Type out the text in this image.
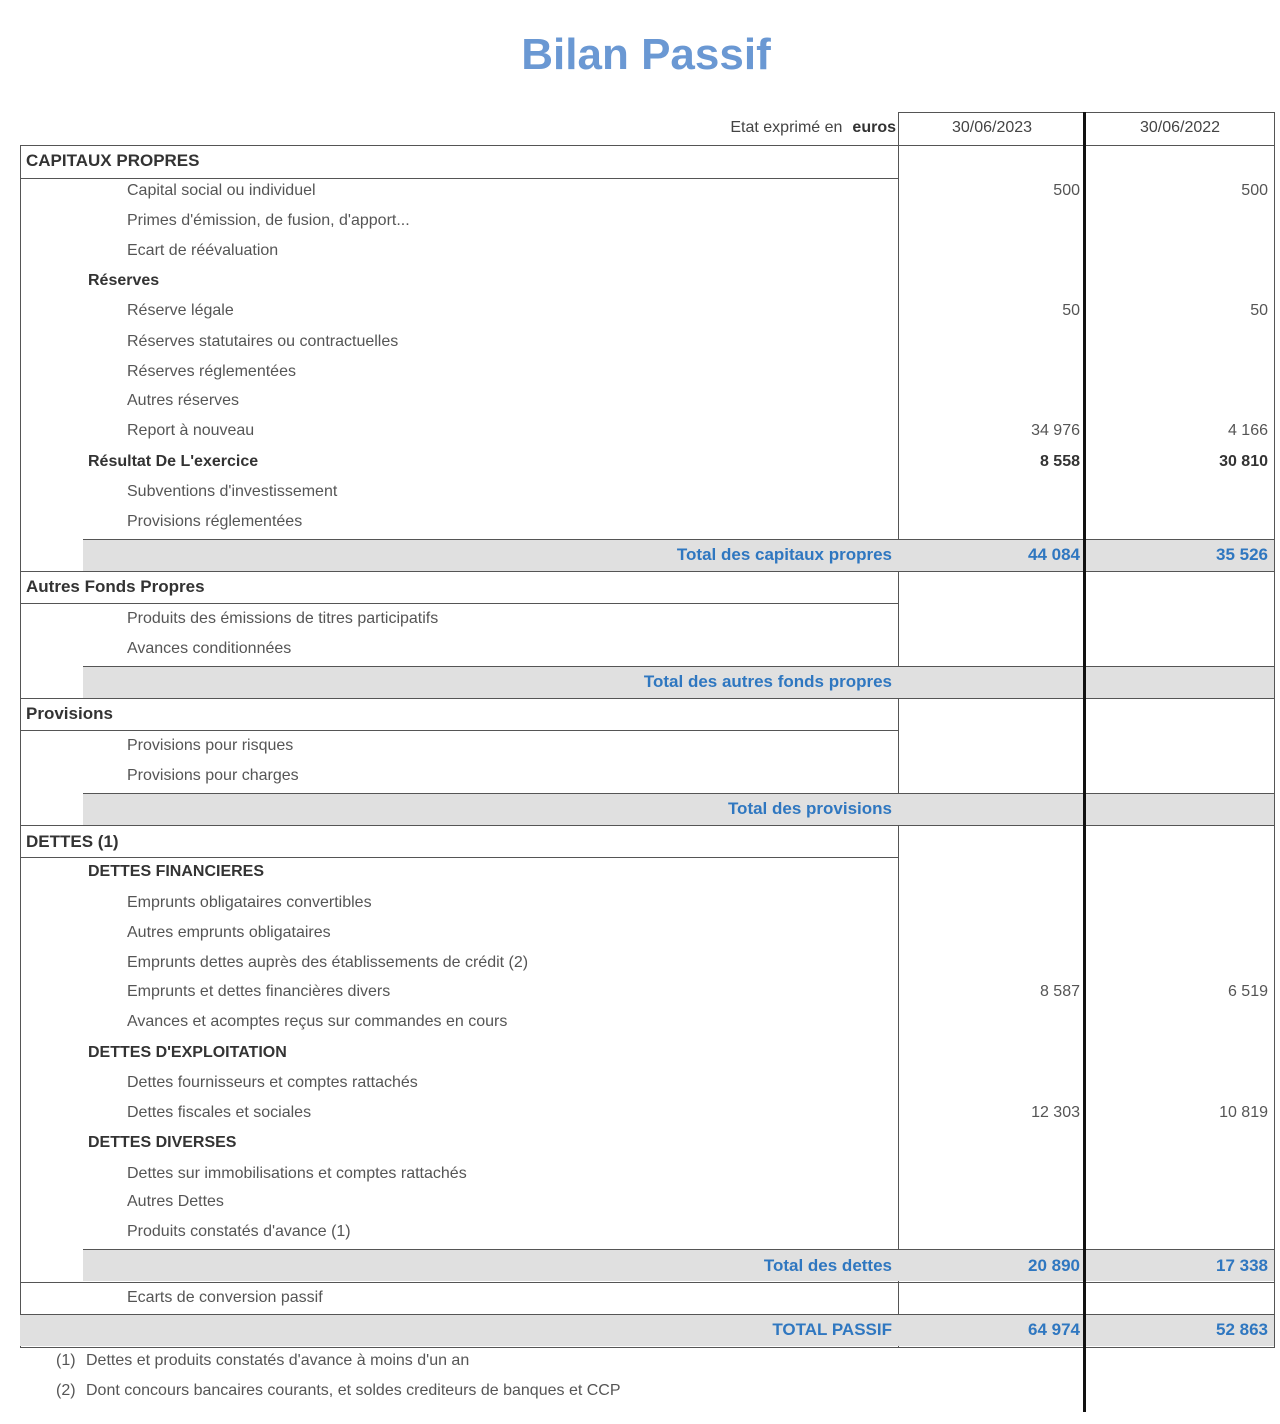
Bilan Passif
Etat exprimé en euros	30/06/2023	30/06/2022
CAPITAUX PROPRES
Capital social ou individuel	500	500
Primes d'émission, de fusion, d'apport...
Ecart de réévaluation
Réserves
Réserve légale	50	50
Réserves statutaires ou contractuelles
Réserves réglementées
Autres réserves
Report à nouveau	34 976	4 166
Résultat De L'exercice	8 558	30 810
Subventions d'investissement
Provisions réglementées
Total des capitaux propres	44 084	35 526
Autres Fonds Propres
Produits des émissions de titres participatifs
Avances conditionnées
Total des autres fonds propres
Provisions
Provisions pour risques
Provisions pour charges
Total des provisions
DETTES (1)
DETTES FINANCIERES
Emprunts obligataires convertibles
Autres emprunts obligataires
Emprunts dettes auprès des établissements de crédit (2)
Emprunts et dettes financières divers	8 587	6 519
Avances et acomptes reçus sur commandes en cours
DETTES D'EXPLOITATION
Dettes fournisseurs et comptes rattachés
Dettes fiscales et sociales	12 303	10 819
DETTES DIVERSES
Dettes sur immobilisations et comptes rattachés
Autres Dettes
Produits constatés d'avance (1)
Total des dettes	20 890	17 338
Ecarts de conversion passif
TOTAL PASSIF	64 974	52 863
(1) Dettes et produits constatés d'avance à moins d'un an
(2) Dont concours bancaires courants, et soldes crediteurs de banques et CCP
